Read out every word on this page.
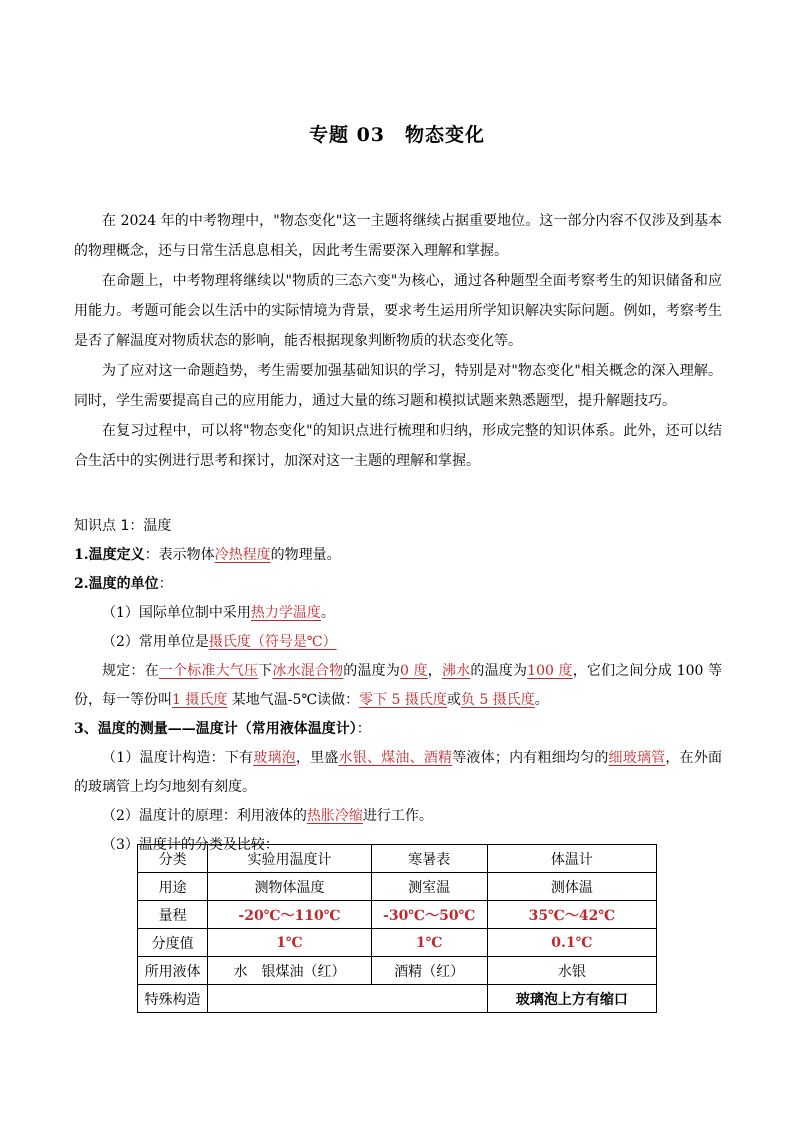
专题 03 物态变化

在 2024 年的中考物理中，"物态变化"这一主题将继续占据重要地位。这一部分内容不仅涉及到基本的物理概念，还与日常生活息息相关，因此考生需要深入理解和掌握。

在命题上，中考物理将继续以"物质的三态六变"为核心，通过各种题型全面考察考生的知识储备和应用能力。考题可能会以生活中的实际情境为背景，要求考生运用所学知识解决实际问题。例如，考察考生是否了解温度对物质状态的影响，能否根据现象判断物质的状态变化等。

为了应对这一命题趋势，考生需要加强基础知识的学习，特别是对"物态变化"相关概念的深入理解。同时，学生需要提高自己的应用能力，通过大量的练习题和模拟试题来熟悉题型，提升解题技巧。

在复习过程中，可以将"物态变化"的知识点进行梳理和归纳，形成完整的知识体系。此外，还可以结合生活中的实例进行思考和探讨，加深对这一主题的理解和掌握。

知识点 1：温度

1.温度定义：表示物体冷热程度的物理量。

2.温度的单位：

（1）国际单位制中采用热力学温度。

（2）常用单位是摄氏度（符号是℃）

规定：在一个标准大气压下冰水混合物的温度为0 度，沸水的温度为100 度，它们之间分成 100 等份，每一等份叫1 摄氏度 某地气温-5℃读做：零下 5 摄氏度或负 5 摄氏度。

3、温度的测量——温度计（常用液体温度计）：

（1）温度计构造：下有玻璃泡，里盛水银、煤油、酒精等液体；内有粗细均匀的细玻璃管，在外面的玻璃管上均匀地刻有刻度。

（2）温度计的原理：利用液体的热胀冷缩进行工作。

（3）温度计的分类及比较：

分类	实验用温度计	寒暑表	体温计
用途	测物体温度	测室温	测体温
量程	-20℃～110℃	-30℃～50℃	35℃～42℃
分度值	1℃	1℃	0.1℃
所用液体	水　银煤油（红）	酒精（红）	水银
特殊构造			玻璃泡上方有缩口
